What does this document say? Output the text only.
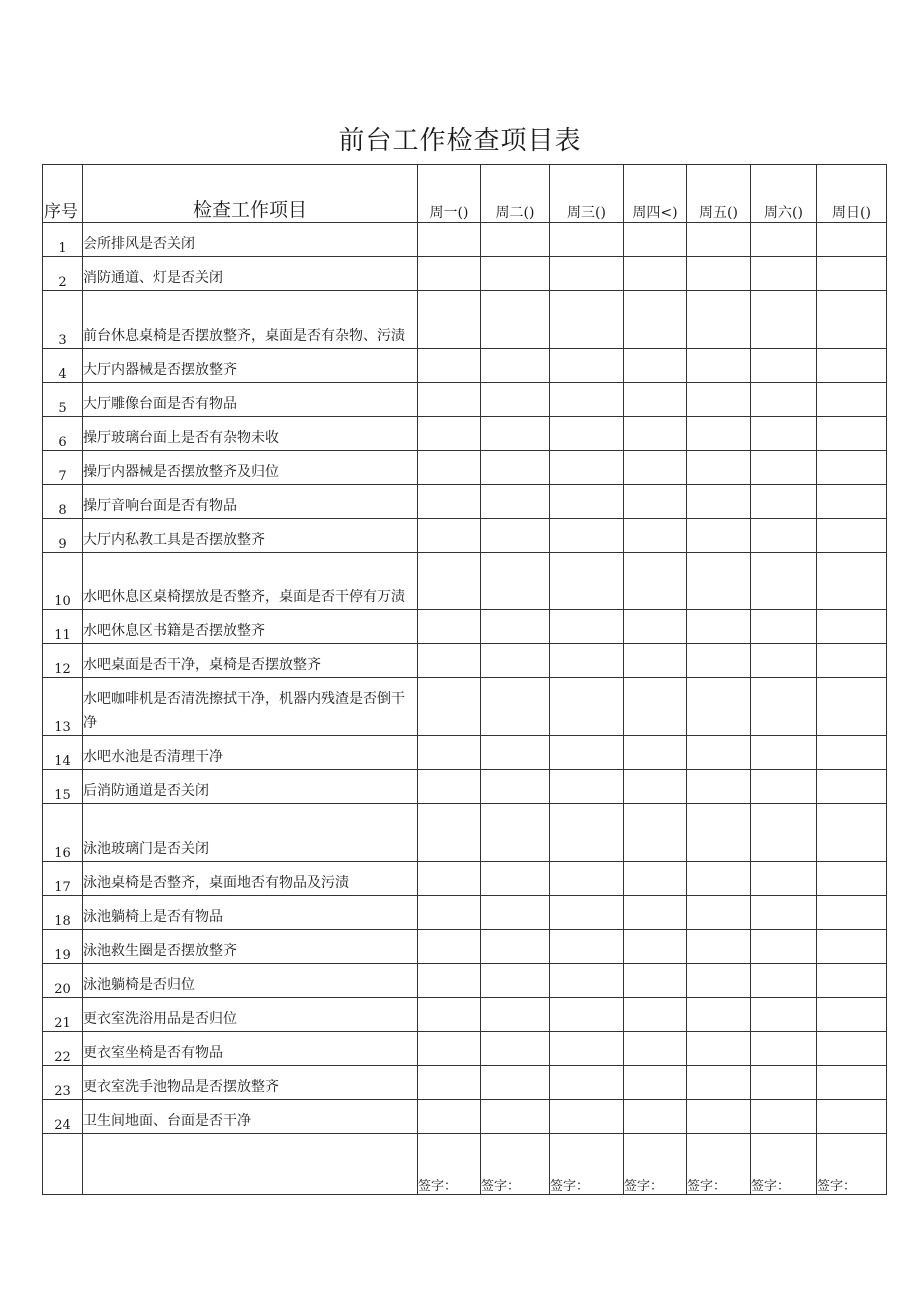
前台工作检查项目表
序号	检查工作项目	周一()	周二()	周三()	周四<)	周五()	周六()	周日()
1	会所排风是否关闭							
2	消防通道、灯是否关闭							
3	前台休息桌椅是否摆放整齐，桌面是否有杂物、污渍							
4	大厅内器械是否摆放整齐							
5	大厅雕像台面是否有物品							
6	操厅玻璃台面上是否有杂物未收							
7	操厅内器械是否摆放整齐及归位							
8	操厅音响台面是否有物品							
9	大厅内私教工具是否摆放整齐							
10	水吧休息区桌椅摆放是否整齐，桌面是否干停有万渍							
11	水吧休息区书籍是否摆放整齐							
12	水吧桌面是否干净，桌椅是否摆放整齐							
13	水吧咖啡机是否清洗擦拭干净，机器内残渣是否倒干净							
14	水吧水池是否清理干净							
15	后消防通道是否关闭							
16	泳池玻璃门是否关闭							
17	泳池桌椅是否整齐，桌面地否有物品及污渍							
18	泳池躺椅上是否有物品							
19	泳池救生圈是否摆放整齐							
20	泳池躺椅是否归位							
21	更衣室洗浴用品是否归位							
22	更衣室坐椅是否有物品							
23	更衣室洗手池物品是否摆放整齐							
24	卫生间地面、台面是否干净							
		签字：	签字：	签字：	签字：	签字：	签字：	签字：
